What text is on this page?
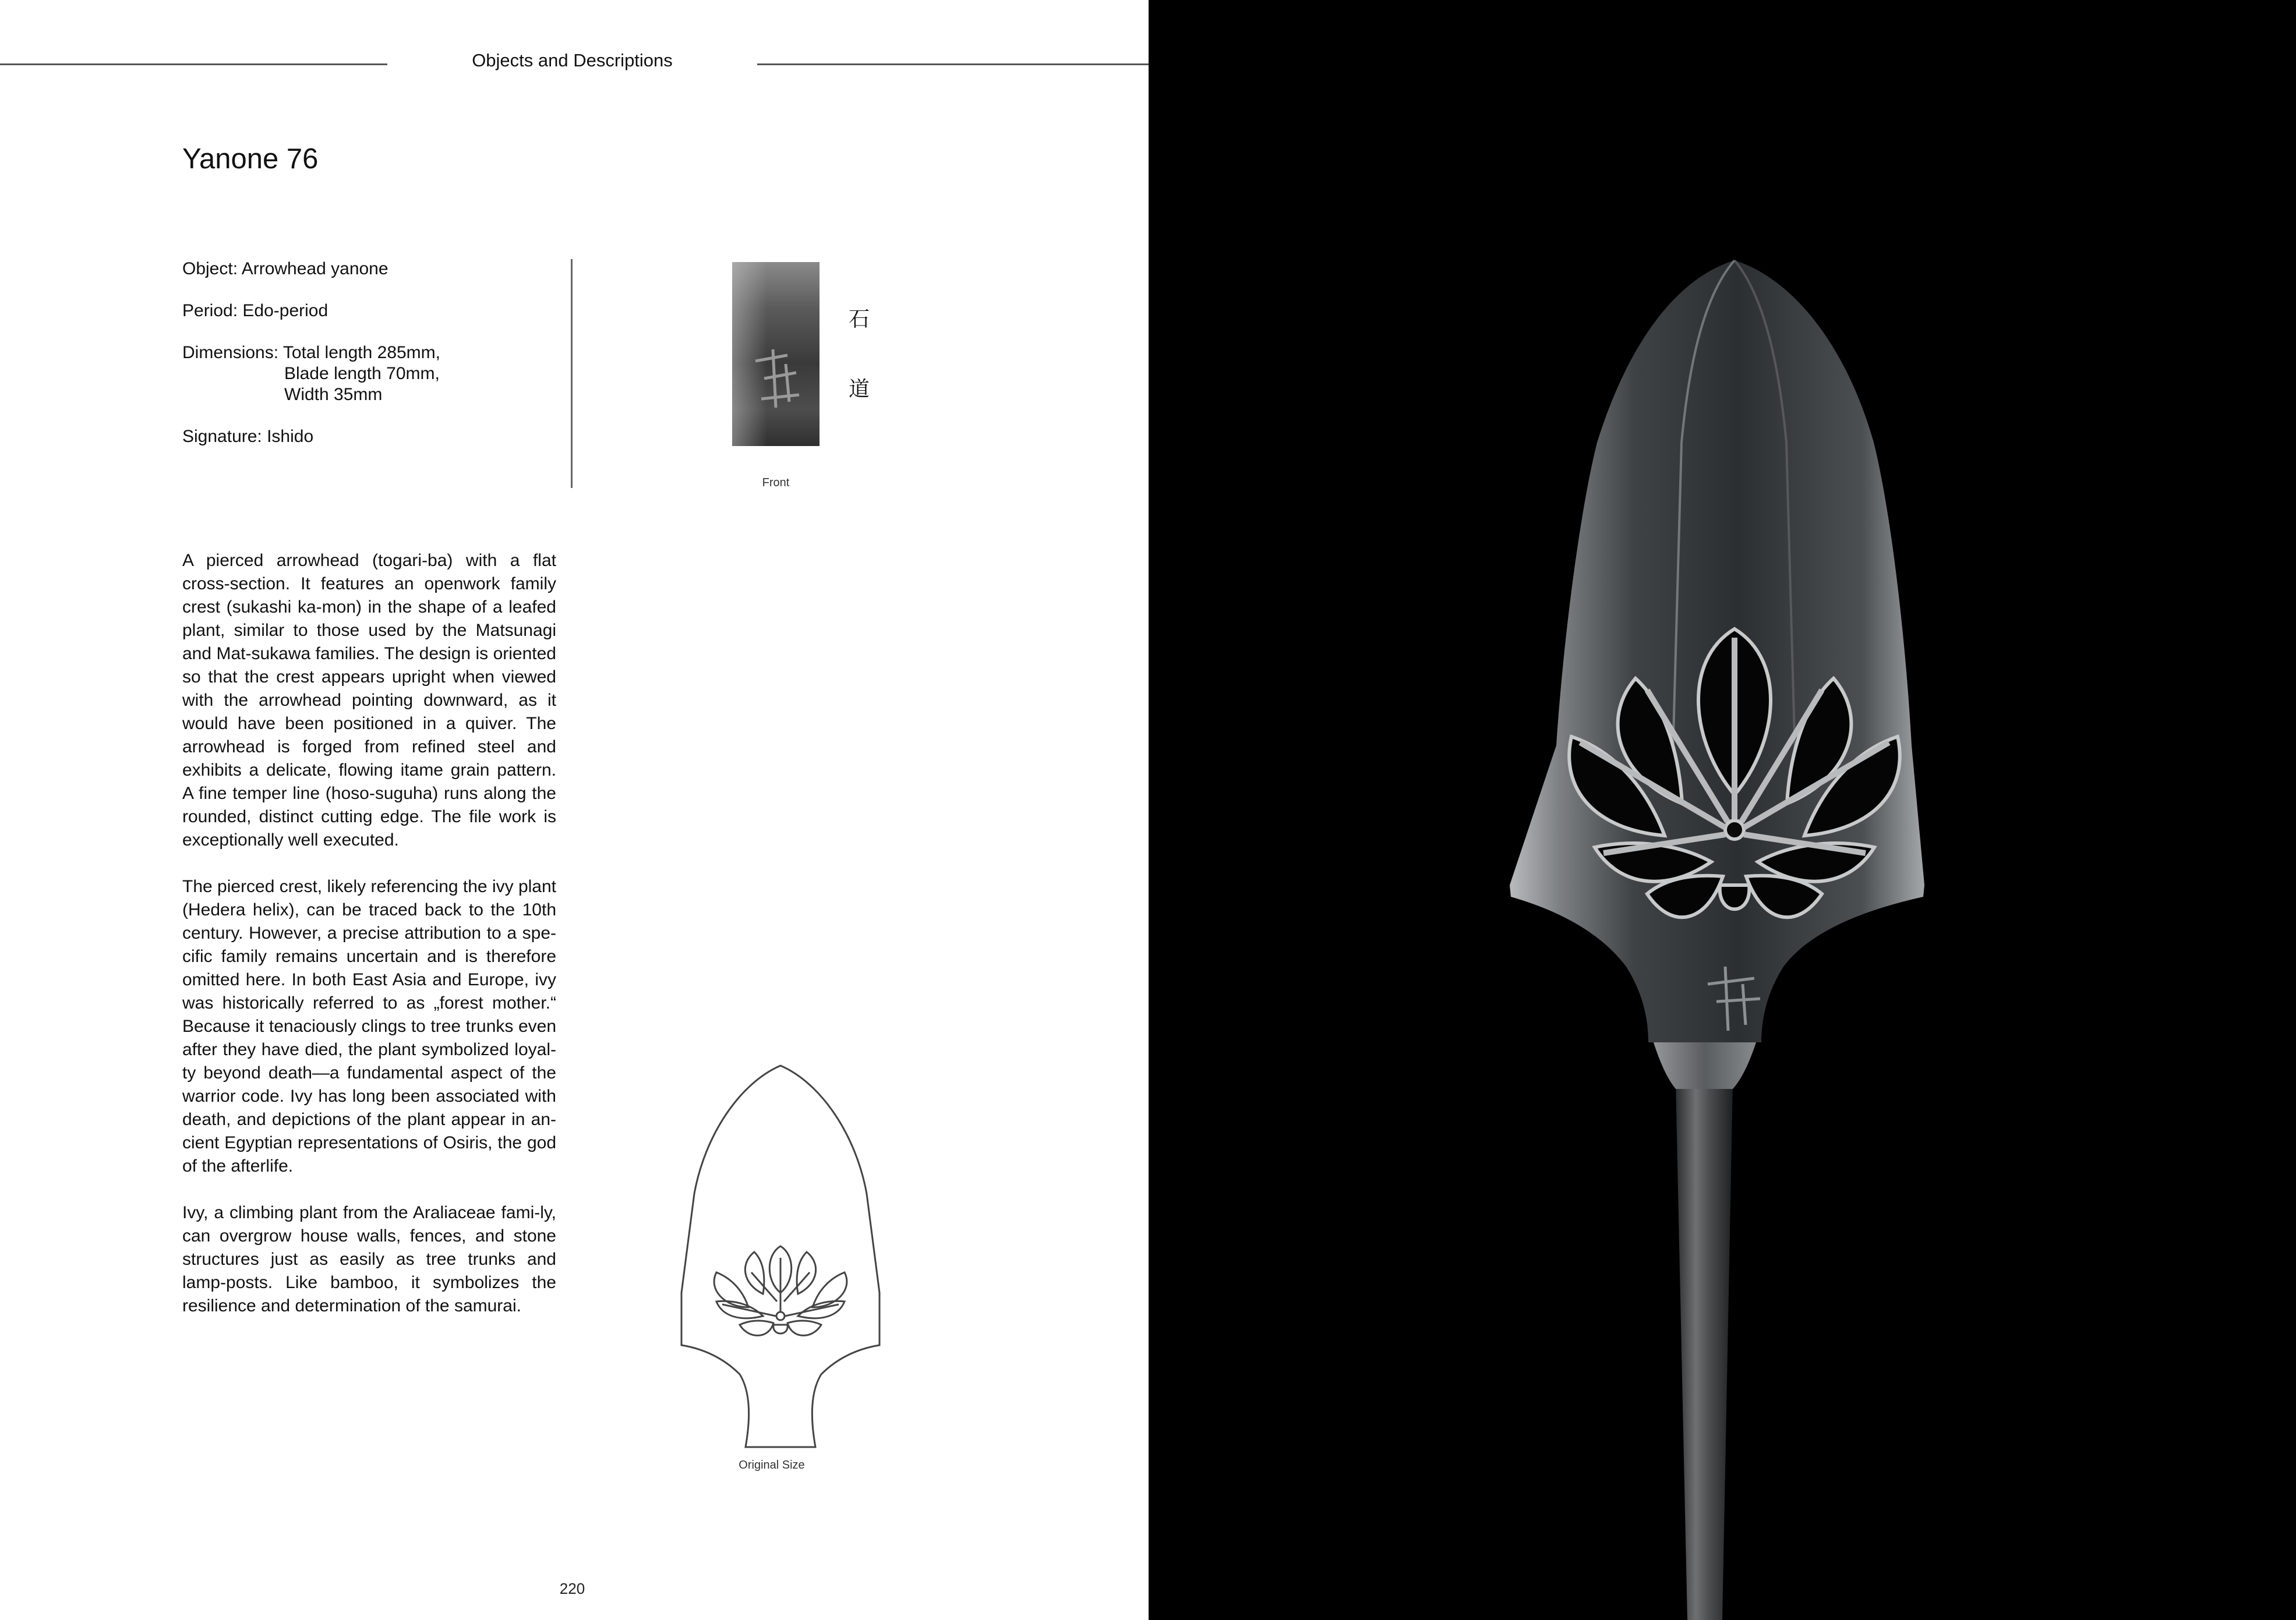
Objects and Descriptions
Yanone 76
Object: Arrowhead yanone
Period: Edo-period
Dimensions: Total length 285mm,
Blade length 70mm,
Width 35mm
Signature: Ishido
石
道
Front

A pierced arrowhead (togari-ba) with a flat cross-section. It features an openwork family crest (sukashi ka-mon) in the shape of a leafed plant, similar to those used by the Matsunagi and Mat-sukawa families. The design is oriented so that the crest appears upright when viewed with the arrowhead pointing downward, as it would have been positioned in a quiver. The arrowhead is forged from refined steel and exhibits a delicate, flowing itame grain pattern. A fine temper line (hoso-suguha) runs along the rounded, distinct cutting edge. The file work is exceptionally well executed.

The pierced crest, likely referencing the ivy plant (Hedera helix), can be traced back to the 10th century. However, a precise attribution to a spe-cific family remains uncertain and is therefore omitted here. In both East Asia and Europe, ivy was historically referred to as „forest mother.“ Because it tenaciously clings to tree trunks even after they have died, the plant symbolized loyal-ty beyond death—a fundamental aspect of the warrior code. Ivy has long been associated with death, and depictions of the plant appear in an-cient Egyptian representations of Osiris, the god of the afterlife.

Ivy, a climbing plant from the Araliaceae fami-ly, can overgrow house walls, fences, and stone structures just as easily as tree trunks and lamp-posts. Like bamboo, it symbolizes the resilience and determination of the samurai.

Original Size
220
